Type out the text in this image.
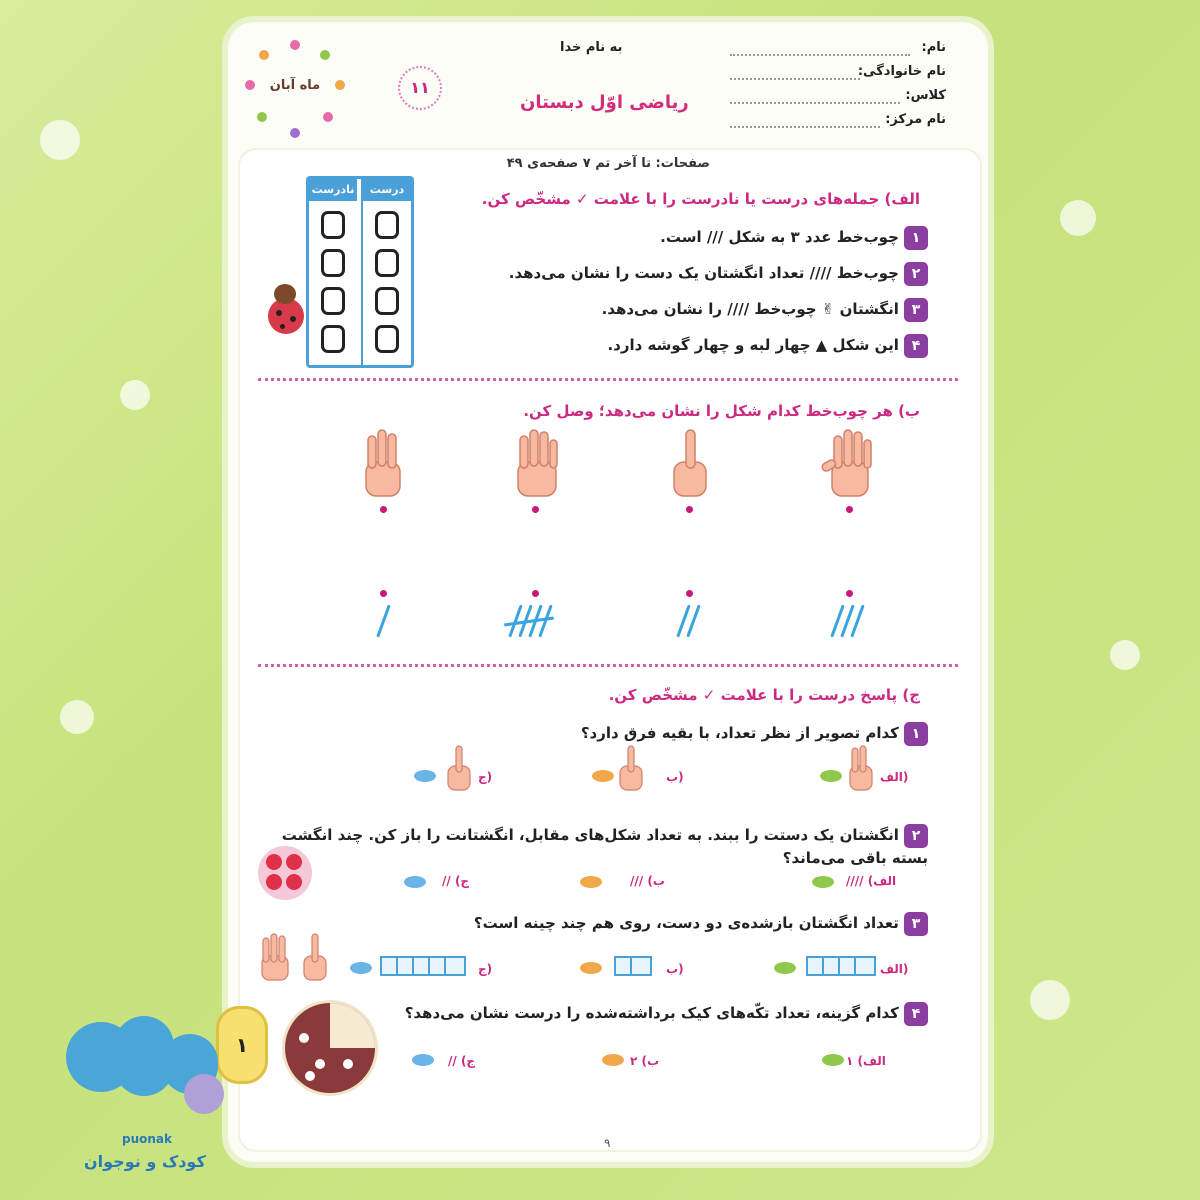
به نام خدا
ریاضی اوّل دبستان
نام:
نام خانوادگی:
کلاس:
نام مرکز:
۱۱
ماه آبان
صفحات: تا آخر تم ۷ صفحه‌ی ۴۹
الف) جمله‌های درست یا نادرست را با علامت ✓ مشخّص کن.
درست
نادرست
۱ چوب‌خط عدد ۳ به شکل /// است.
۲ چوب‌خط //// تعداد انگشتان یک دست را نشان می‌دهد.
۳ انگشتان ✌ چوب‌خط //// را نشان می‌دهد.
۴ این شکل ▲ چهار لبه و چهار گوشه دارد.
ب) هر چوب‌خط کدام شکل را نشان می‌دهد؛ وصل کن.
ج) پاسخ درست را با علامت ✓ مشخّص کن.
۱ کدام تصویر از نظر تعداد، با بقیه فرق دارد؟
الف)
ب)
ج)
۲ انگشتان یک دستت را ببند. به تعداد شکل‌های مقابل، انگشتانت را باز کن. چند انگشت بسته باقی می‌ماند؟
الف) ////
ب) ///
ج) //
۳ تعداد انگشتان بازشده‌ی دو دست، روی هم چند چینه است؟
الف)
ب)
ج)
۴ کدام گزینه، تعداد تکّه‌های کیک برداشته‌شده را درست نشان می‌دهد؟
الف) ۱
ب) ۲
ج) //
۱
۹
puonak
کودک و نوجوان
